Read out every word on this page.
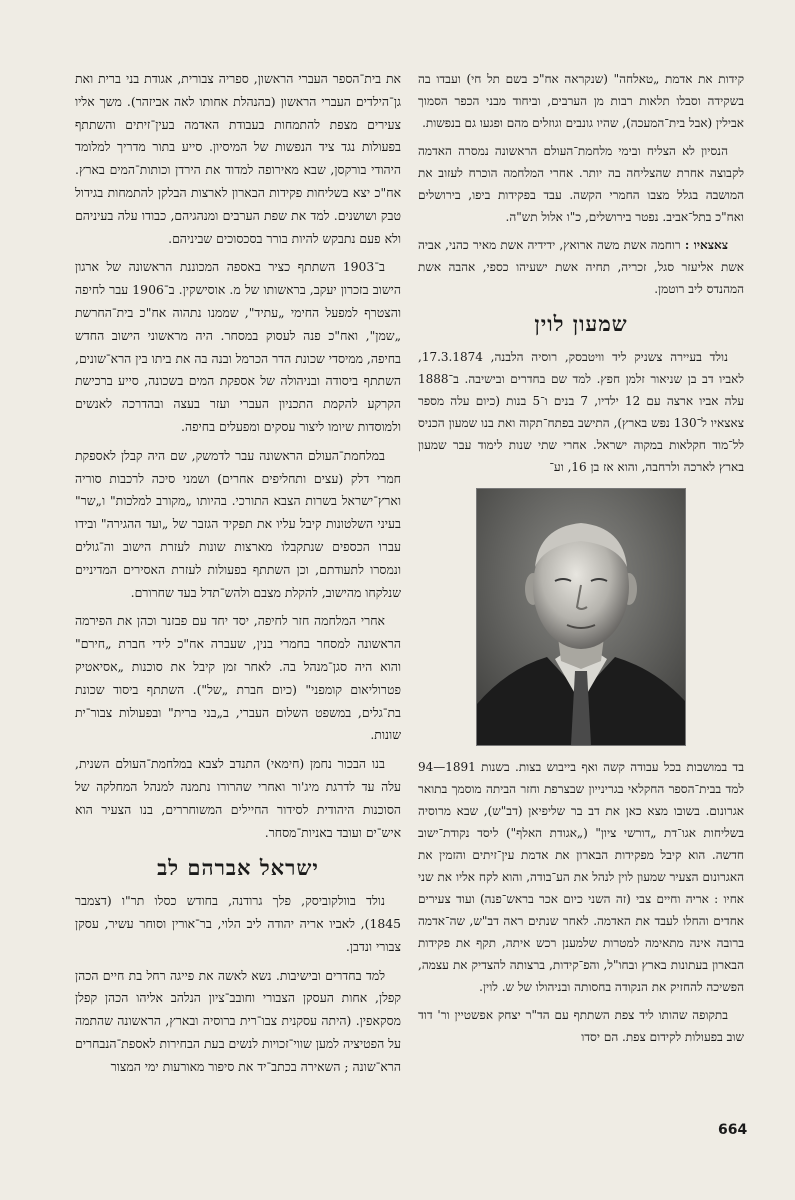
קידות את אדמת „טאלחה" (שנקראה אח"כ בשם תל חי) ועבדו בה בשקידה וסבלו תלאות רבות מן הערבים, וביחוד מבני הכפר הסמוך אבילין (אבל בית־המעכה), שהיו גונבים וגוזלים מהם ופגעו גם בנפשות.

הנסיון לא הצליח ובימי מלחמת־העולם הראשונה נמסרה האדמה לקבוצה אחרת שהצליחה בה יותר. אחרי המלחמה הוכרח לעזוב את המושבה בגלל מצבו החמרי הקשה. עבד בפקידות ביפו, בירושלים ואח"כ בתל־אביב. נפטר בירושלים, כ"ו אלול תש"ה.

צאצאיו : רוחמה אשת משה ארואץ, ידידיה אשת מאיר כהני, אביה אשת אליעזר סגל, זכריה, תחיה אשת ישעיהו כספי, אהבה אשת המהנדס ליב רוטמן.

שמעון לוין

נולד בעיירה צשניק ליד וויטבסק, רוסיה הלבנה, 17.3.1874, לאביו דב בן שניאור זלמן חפץ. למד שם בחדרים ובישיבה. ב־1888 עלה אביו ארצה עם 12 ילדיו, 7 בנים ו־5 בנות (כיום עלה מספר צאצאיו ל־130 נפש בארץ), התישב בפתח־תקוה ואת בנו שמעון הכניס לל־מוד חקלאות במקוה ישראל. אחרי שתי שנות לימוד עבר שמעון בארץ לארכה ולרחבה, והוא אז בן 16, וע־

בד במושבות בכל עבודה קשה ואף בייבוש בצות. בשנות 1891—94 למד בבית־הספר החקלאי בגרינייון שבצרפת וחזר הביתה מוסמך בתואר אגרונום. בשובו מצא כאן את דב בר שליפיאן (דב"ש), שבא מרוסיה בשליחות אגו־דת „דורשי ציון" („אגודת האלף") ליסד נקודת־ישוב חדשה. הוא קיבל מפקידות הבארון את אדמת עין־זיתים והזמין את האגרונום הצעיר שמעון לוין לנהל את הע־בודה, והוא לקח אליו את שני אחיו : אריה וחיים צבי (זה השני כיום אכר בראש־פנה) ועוד צעירים אחדים והחלו לעבד את האדמה. לאחר שנתים ראה דב"ש, שה־אדמה ברובה אינה מתאימה למטרות שלמענן רכש איתה, תקף את פקידות הבארון בעתונות בארץ ובחו"ל, והפ־קידות, ברצותה להצדיק את עצמה, הפשיכה להחזיק את הנקודה בחסותה ובניהולו של ש. לוין.

בתקופה שהותו ליד צפת השתתף עם הד"ר יצחק אפשטיין ור' דוד שוב בפעולות לקידום צפת. הם יסדו

את בית־הספר העברי הראשון, ספריה צבורית, אגודת בני ברית ואת גן־הילדים העברי הראשון (בהנהלת אחותו לאה אביזהר). משך אליו צעירים מצפת להתמחות בעבודת האדמה בעין־זיתים והשתתף בפעולות נגד ציד הנפשות של המיסיון. סייע בתור מדריך למלומד היהודי בורקסן, שבא מאירופה למדוד את הירדן וכותות־המים בארץ. אח"כ יצא בשליחות פקידות הבארון לארצות הבלקן להתמחות בגידול טבק ושושנים. למד את שפת הערבים ומנהגיהם, כבודו עלה בעיניהם ולא פעם נתבקש להיות בורר בסכסוכים שביניהם.

ב־1903 השתתף כציר באספה המכוננת הראשונה של ארגון הישוב בזכרון יעקב, בראשותו של מ. אוסישקין. ב־1906 עבר לחיפה והצטרף למפעל החימי „עתיד", שממנו נתהוה אח"כ בית־החרשת „שמן", ואח"כ פנה לעסוק במסחר. היה מראשוני הישוב החדש בחיפה, ממיסדי שכונת הדר הכרמל ובנה בה את ביתו בין הרא־שונים, השתתף ביסודה ובניהולה של אספקת המים בשכונה, סייע ברכישת הקרקע להקמת התכניון העברי ועזר בעצה ובהדרכה לאנשים ולמוסדות שיומו ליצור עסקים ומפעלים בחיפה.

במלחמת־העולם הראשונה עבר לדמשק, שם היה קבלן לאספקת חמרי דלק (עצים ותחליפים אחרים) ושמני סיכה לרכבות סוריה וארץ־ישראל בשרות הצבא התורכי. בהיותו „מקורב למלכות" ו„שר" בעיני השלטונות קיבל עליו את תפקיד הגזבר של „ועד ההגירה" ובידו עברו הכספים שנתקבלו מארצות שונות לעזרת הישוב וה־גולים ונמסרו לתעודתם, וכן השתתף בפעולות לעזרת האסירים המדיניים שנלקחו מהישוב, להקלת מצבם ולהש־תדל בעד שחרורם.

אחרי המלחמה חזר לחיפה, יסד יחד עם פבזנר וכהן את הפירמה הראשונה למסחר בחמרי בנין, שעברה אח"כ לידי חברת „חירם" והוא היה סגן־מנהל בה. לאחר זמן קיבל את סוכנות „אסיאטיק פטרוליאום קומפני" (כיום חברת „של"). השתתף ביסוד שכונת בת־גלים, במשפט השלום העברי, ב„בני ברית" ובפעולות צבור־ית שונות.

בנו הבכור נחמן (חימאי) התנדב לצבא במלחמת־העולם השנית, עלה עד לדרגת מיג'ור ואחרי שהרורו נתמנה למנהל המחלקה של הסוכנות היהודית לסידור החיילים המשוחררים, בנו הצעיר הוא איש־ים ועובד באניות־מסחר.

ישראל אברהם לב

נולד בוולקוביסק, פלך גרודנה, בחודש כסלו תר"ו (דצמבר 1845), לאביו אריה יהודה ליב הלוי, בר־אורין וסוחר עשיר, עסקן צבורי ונדבן.

למד בחדרים ובישיבות. נשא לאשה את פייגה רחל בת חיים הכהן קפלן, אחות העסקן הצבורי וחובב־ציון הנלהב אליהו הכהן קפלן מסקאפין. (היתה עסקנית צבו־רית ברוסיה ובארץ, הראשונה שהתמה על הפטיציה למען שווי־זכויות לנשים בעת הבחירות לאספת־הנבחרים הרא־שונה ; השאירה בכתב־יד את סיפור מאורעות ימי המצור

664
